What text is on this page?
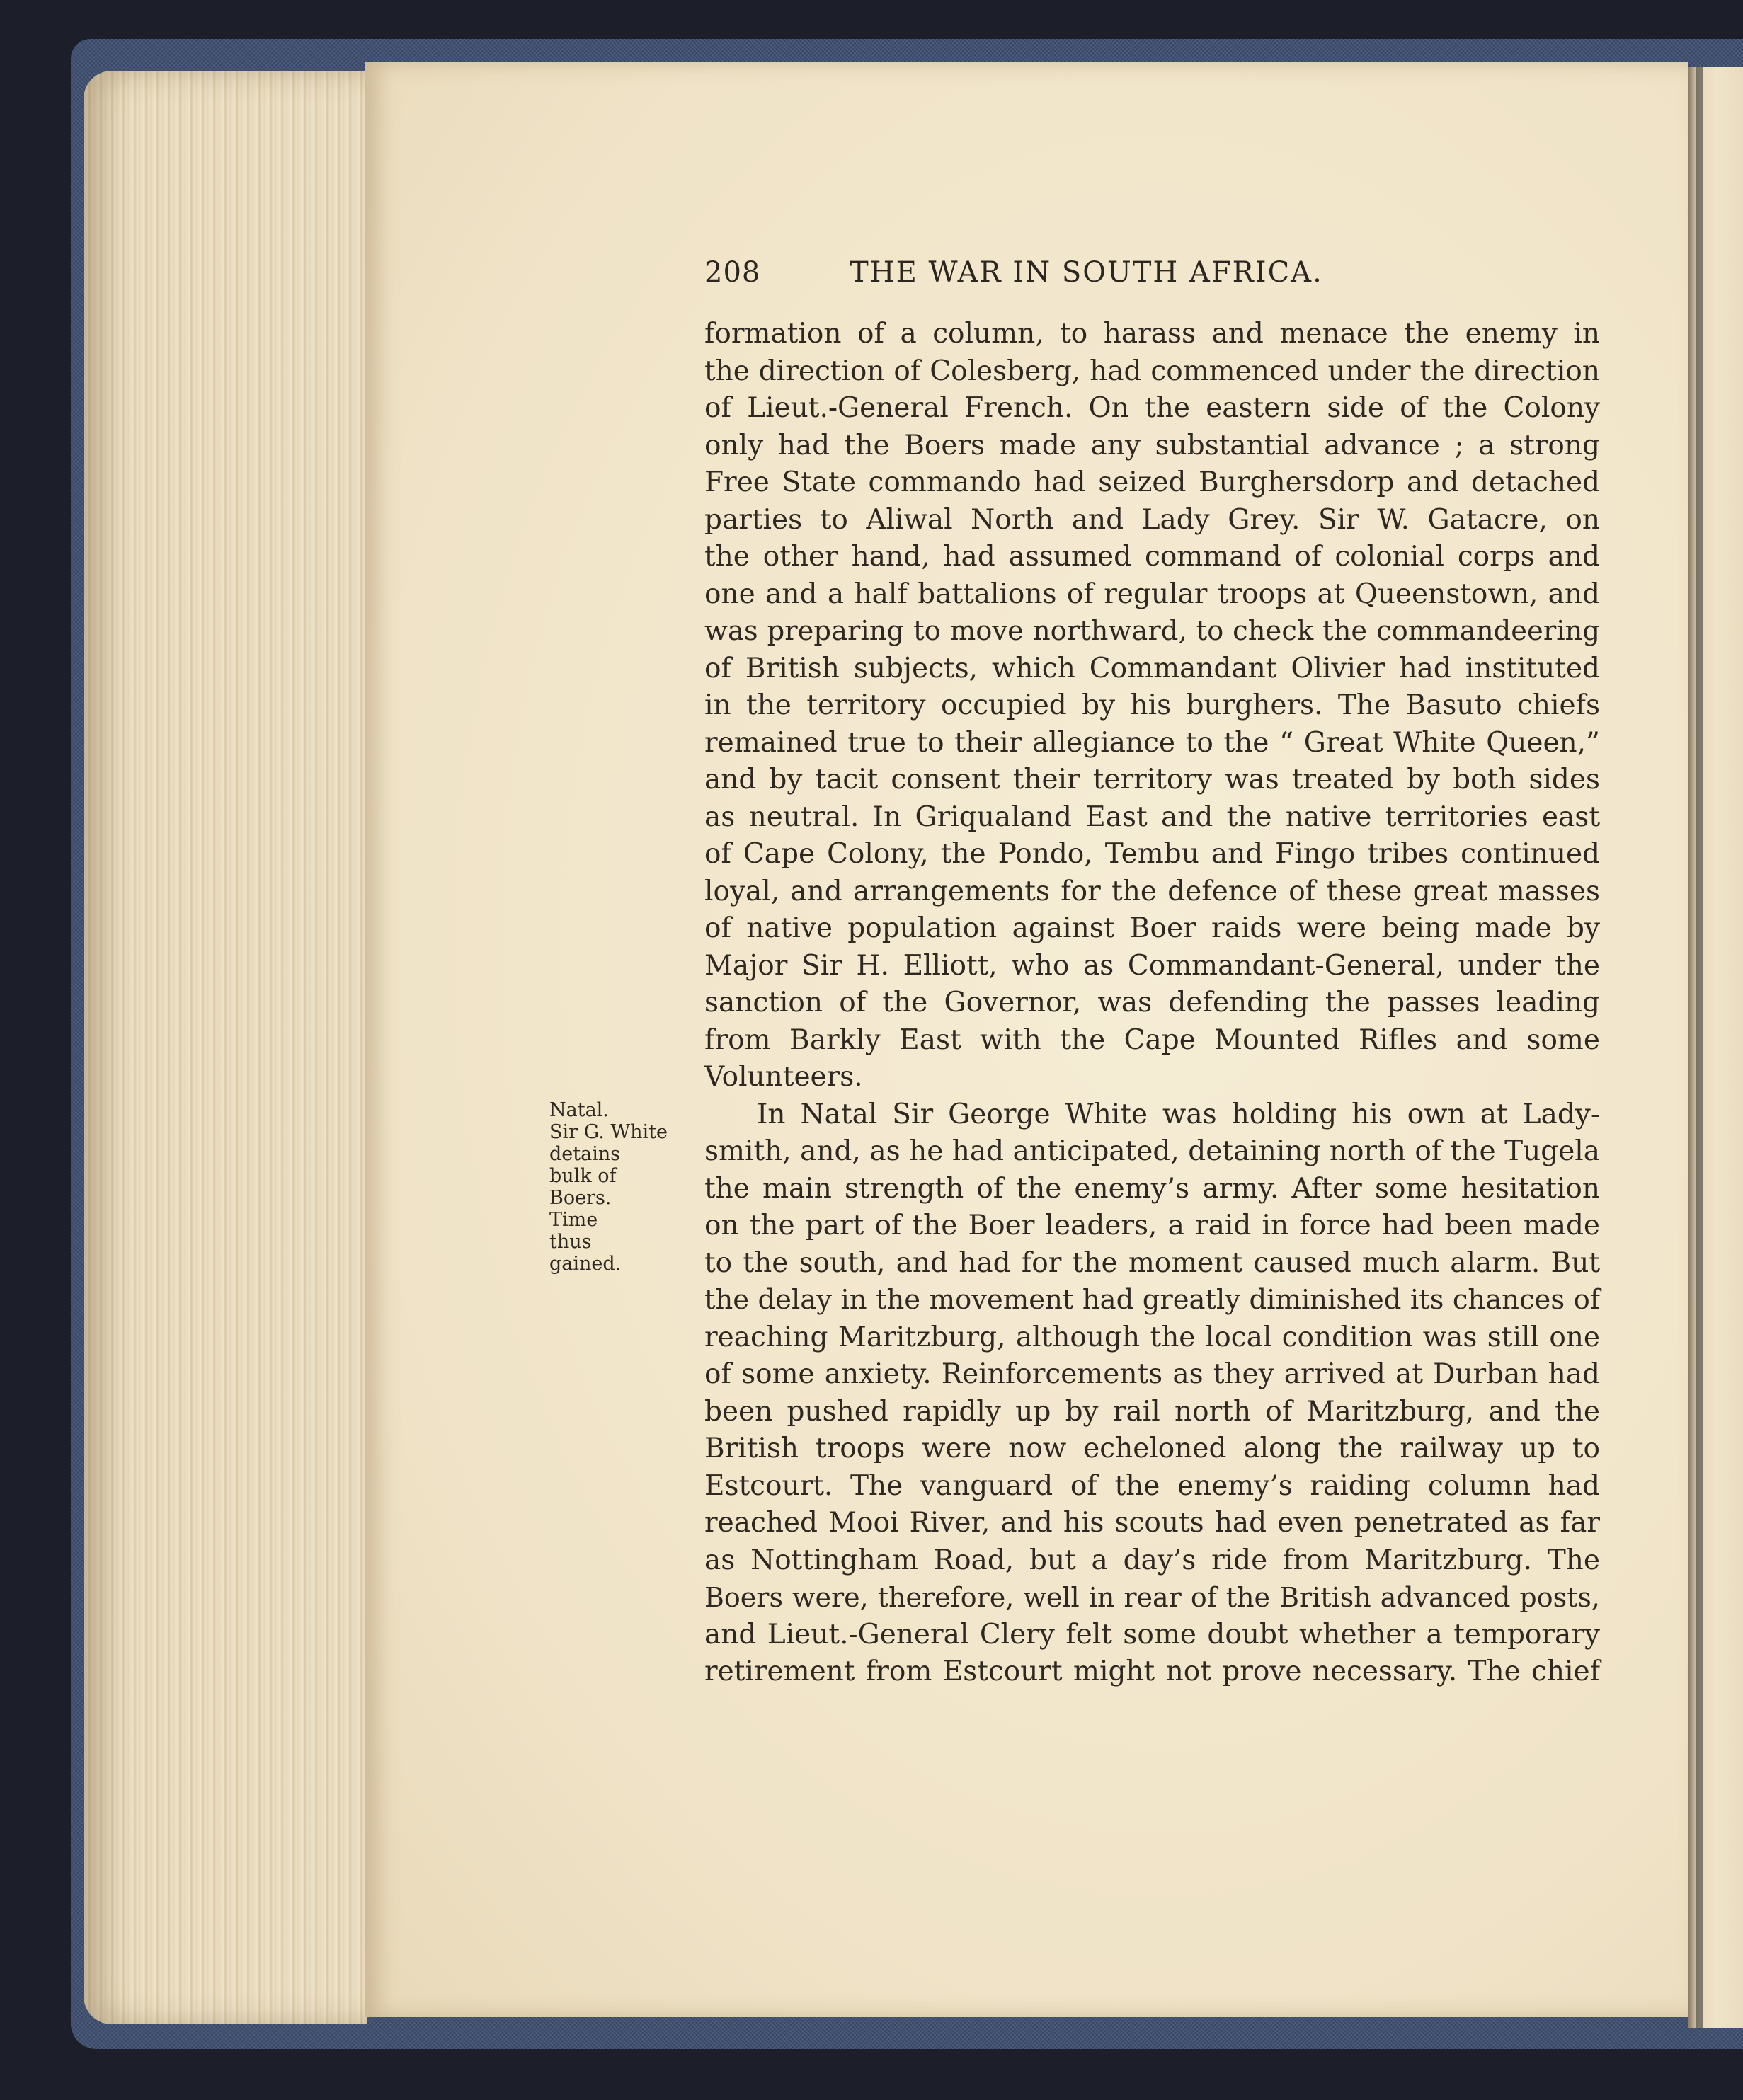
208	THE WAR IN SOUTH AFRICA.
Natal.
Sir G. White
detains
bulk of
Boers.
Time
thus
gained.
formation of a column, to harass and menace the enemy in
the direction of Colesberg, had commenced under the direction
of Lieut.-General French. On the eastern side of the Colony
only had the Boers made any substantial advance ; a strong
Free State commando had seized Burghersdorp and detached
parties to Aliwal North and Lady Grey. Sir W. Gatacre, on
the other hand, had assumed command of colonial corps and
one and a half battalions of regular troops at Queenstown, and
was preparing to move northward, to check the commandeering
of British subjects, which Commandant Olivier had instituted
in the territory occupied by his burghers. The Basuto chiefs
remained true to their allegiance to the “ Great White Queen,”
and by tacit consent their territory was treated by both sides
as neutral. In Griqualand East and the native territories east
of Cape Colony, the Pondo, Tembu and Fingo tribes continued
loyal, and arrangements for the defence of these great masses
of native population against Boer raids were being made by
Major Sir H. Elliott, who as Commandant-General, under the
sanction of the Governor, was defending the passes leading
from Barkly East with the Cape Mounted Rifles and some
Volunteers.
In Natal Sir George White was holding his own at Lady-
smith, and, as he had anticipated, detaining north of the Tugela
the main strength of the enemy’s army. After some hesitation
on the part of the Boer leaders, a raid in force had been made
to the south, and had for the moment caused much alarm. But
the delay in the movement had greatly diminished its chances of
reaching Maritzburg, although the local condition was still one
of some anxiety. Reinforcements as they arrived at Durban had
been pushed rapidly up by rail north of Maritzburg, and the
British troops were now echeloned along the railway up to
Estcourt. The vanguard of the enemy’s raiding column had
reached Mooi River, and his scouts had even penetrated as far
as Nottingham Road, but a day’s ride from Maritzburg. The
Boers were, therefore, well in rear of the British advanced posts,
and Lieut.-General Clery felt some doubt whether a temporary
retirement from Estcourt might not prove necessary. The chief
